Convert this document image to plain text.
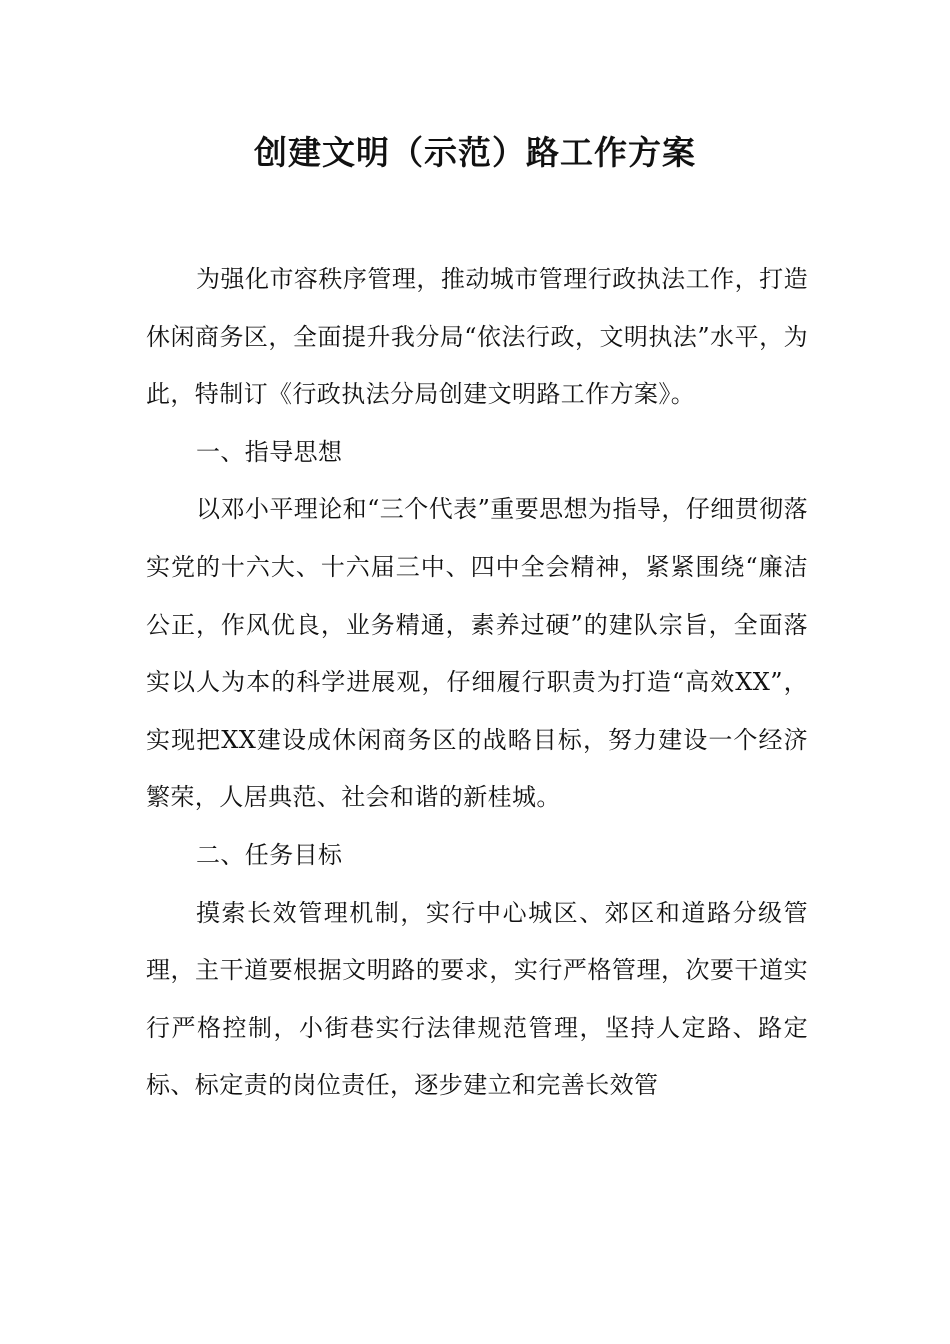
创建文明（示范）路工作方案

为强化市容秩序管理，推动城市管理行政执法工作，打造休闲商务区，全面提升我分局“依法行政，文明执法”水平，为此，特制订《行政执法分局创建文明路工作方案》。

一、指导思想

以邓小平理论和“三个代表”重要思想为指导，仔细贯彻落实党的十六大、十六届三中、四中全会精神，紧紧围绕“廉洁公正，作风优良，业务精通，素养过硬”的建队宗旨，全面落实以人为本的科学进展观，仔细履行职责为打造“高效XX”，实现把XX建设成休闲商务区的战略目标，努力建设一个经济繁荣，人居典范、社会和谐的新桂城。

二、任务目标

摸索长效管理机制，实行中心城区、郊区和道路分级管理，主干道要根据文明路的要求，实行严格管理，次要干道实行严格控制，小街巷实行法律规范管理，坚持人定路、路定标、标定责的岗位责任，逐步建立和完善长效管
